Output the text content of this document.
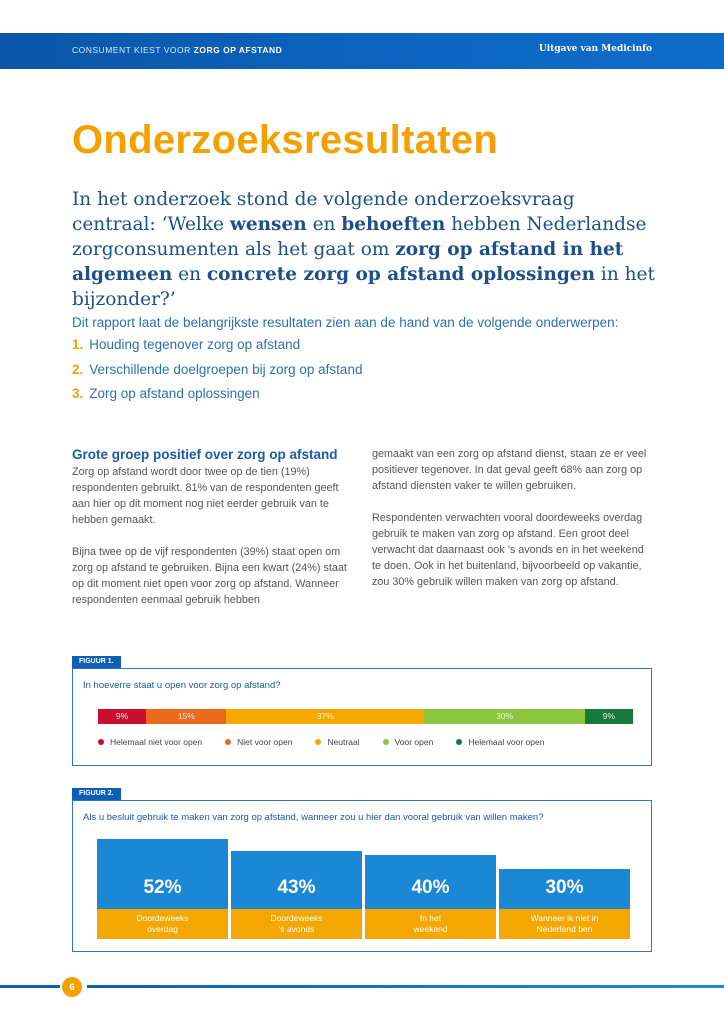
CONSUMENT KIEST VOOR ZORG OP AFSTAND	Uitgave van Medicinfo
Onderzoeksresultaten

In het onderzoek stond de volgende onderzoeksvraag centraal: ‘Welke wensen en behoeften hebben Nederlandse zorgconsumenten als het gaat om zorg op afstand in het algemeen en concrete zorg op afstand oplossingen in het bijzonder?’

Dit rapport laat de belangrijkste resultaten zien aan de hand van de volgende onderwerpen:

1. Houding tegenover zorg op afstand
2. Verschillende doelgroepen bij zorg op afstand
3. Zorg op afstand oplossingen
Grote groep positief over zorg op afstand

Zorg op afstand wordt door twee op de tien (19%) respondenten gebruikt. 81% van de respondenten geeft aan hier op dit moment nog niet eerder gebruik van te hebben gemaakt.

Bijna twee op de vijf respondenten (39%) staat open om zorg op afstand te gebruiken. Bijna een kwart (24%) staat op dit moment niet open voor zorg op afstand. Wanneer respondenten eenmaal gebruik hebben

gemaakt van een zorg op afstand dienst, staan ze er veel positiever tegenover. In dat geval geeft 68% aan zorg op afstand diensten vaker te willen gebruiken.

Respondenten verwachten vooral doordeweeks overdag gebruik te maken van zorg op afstand. Een groot deel verwacht dat daarnaast ook ’s avonds en in het weekend te doen. Ook in het buitenland, bijvoorbeeld op vakantie, zou 30% gebruik willen maken van zorg op afstand.

FIGUUR 1.
In hoeverre staat u open voor zorg op afstand?
9%	15%	37%	30%	9%
Helemaal niet voor open	Niet voor open	Neutraal	Voor open	Helemaal voor open
FIGUUR 2.
Als u besluit gebruik te maken van zorg op afstand, wanneer zou u hier dan vooral gebruik van willen maken?
52%
Doordeweeks
overdag
43%
Doordeweeks
’s avonds
40%
In het
weekend
30%
Wanneer ik niet in
Nederland ben
6
